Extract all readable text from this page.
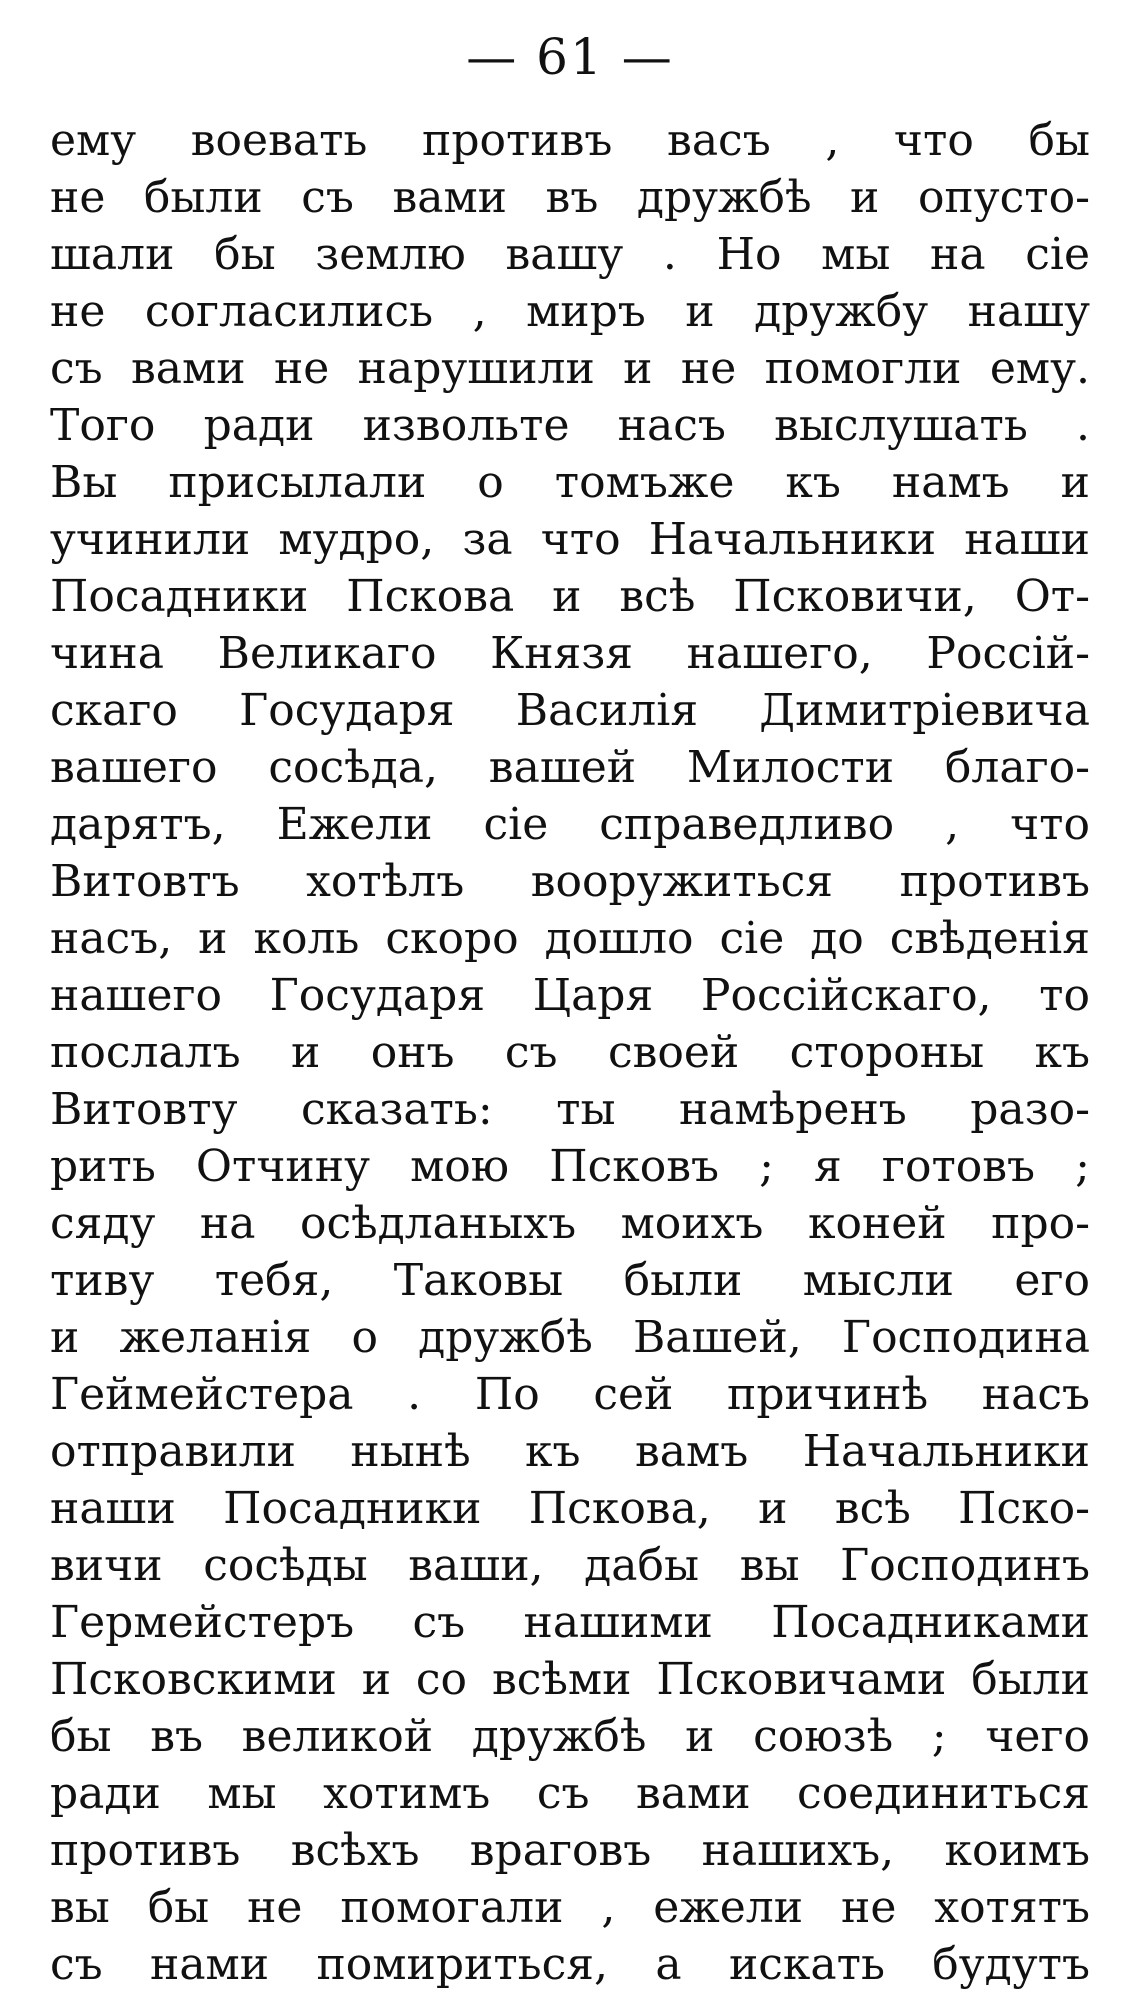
— 61 —
ему воевать противъ васъ , что бы
не были съ вами въ дружбѣ и опусто-
шали бы землю вашу . Но мы на сіе
не согласились , миръ и дружбу нашу
съ вами не нарушили и не помогли ему.
Того ради извольте насъ выслушать .
Вы присылали о томъже къ намъ и
учинили мудро, за что Начальники наши
Посадники Пскова и всѣ Псковичи, От-
чина Великаго Князя нашего, Россій-
скаго Государя Василія Димитріевича
вашего сосѣда, вашей Милости благо-
дарятъ, Ежели сіе справедливо , что
Витовтъ хотѣлъ вооружиться противъ
насъ, и коль скоро дошло сіе до свѣденія
нашего Государя Царя Россійскаго, то
послалъ и онъ съ своей стороны къ
Витовту сказать: ты намѣренъ разо-
рить Отчину мою Псковъ ; я готовъ ;
сяду на осѣдланыхъ моихъ коней про-
тиву тебя, Таковы были мысли его
и желанія о дружбѣ Вашей, Господина
Геймейстера . По сей причинѣ насъ
отправили нынѣ къ вамъ Начальники
наши Посадники Пскова, и всѣ Пско-
вичи сосѣды ваши, дабы вы Господинъ
Гермейстеръ съ нашими Посадниками
Псковскими и со всѣми Псковичами были
бы въ великой дружбѣ и союзѣ ; чего
ради мы хотимъ съ вами соединиться
противъ всѣхъ враговъ нашихъ, коимъ
вы бы не помогали , ежели не хотятъ
съ нами помириться, а искать будутъ
